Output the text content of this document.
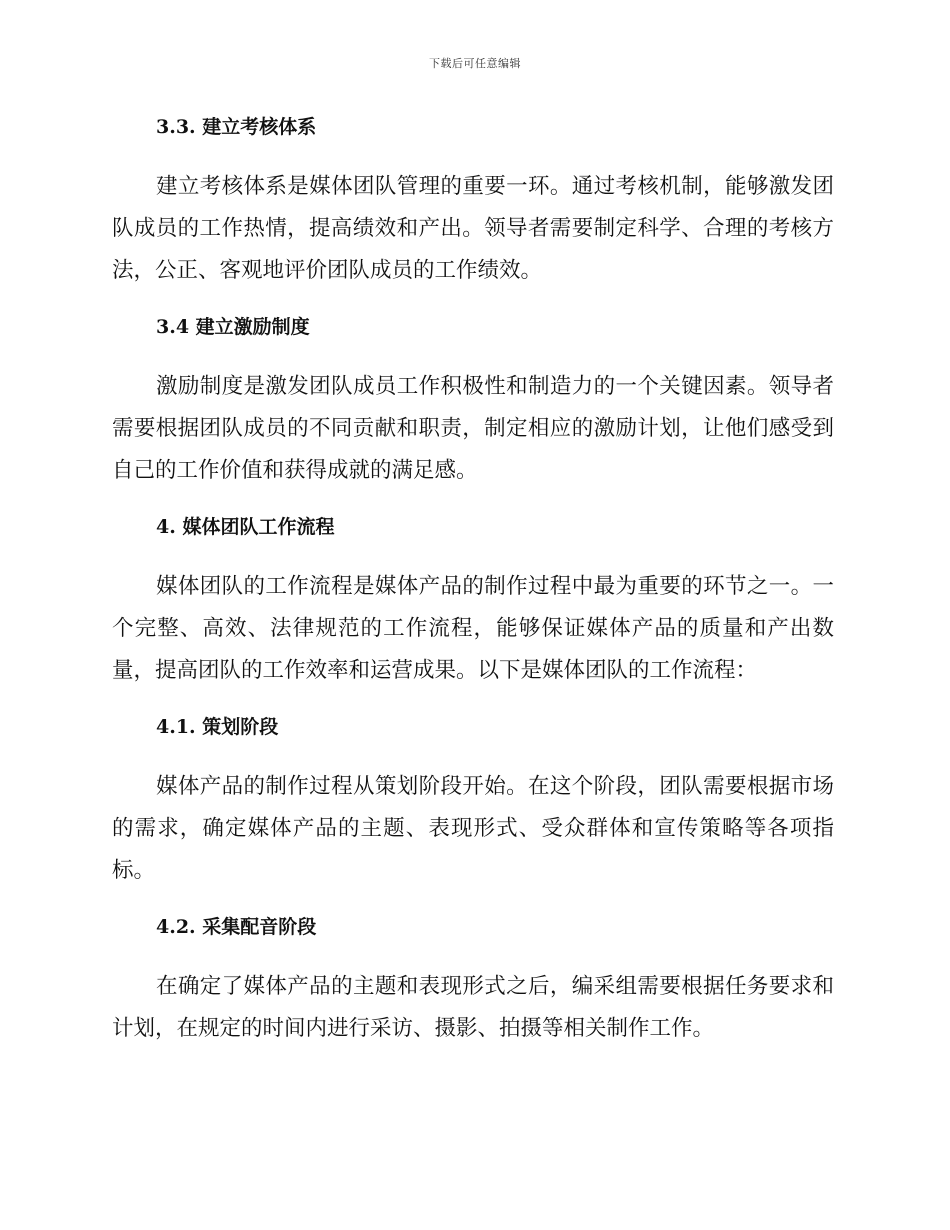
下载后可任意编辑
3.3. 建立考核体系

建立考核体系是媒体团队管理的重要一环。通过考核机制，能够激发团队成员的工作热情，提高绩效和产出。领导者需要制定科学、合理的考核方法，公正、客观地评价团队成员的工作绩效。

3.4 建立激励制度

激励制度是激发团队成员工作积极性和制造力的一个关键因素。领导者需要根据团队成员的不同贡献和职责，制定相应的激励计划，让他们感受到自己的工作价值和获得成就的满足感。

4. 媒体团队工作流程

媒体团队的工作流程是媒体产品的制作过程中最为重要的环节之一。一个完整、高效、法律规范的工作流程，能够保证媒体产品的质量和产出数量，提高团队的工作效率和运营成果。以下是媒体团队的工作流程：

4.1. 策划阶段

媒体产品的制作过程从策划阶段开始。在这个阶段，团队需要根据市场的需求，确定媒体产品的主题、表现形式、受众群体和宣传策略等各项指标。

4.2. 采集配音阶段

在确定了媒体产品的主题和表现形式之后，编采组需要根据任务要求和计划，在规定的时间内进行采访、摄影、拍摄等相关制作工作。
